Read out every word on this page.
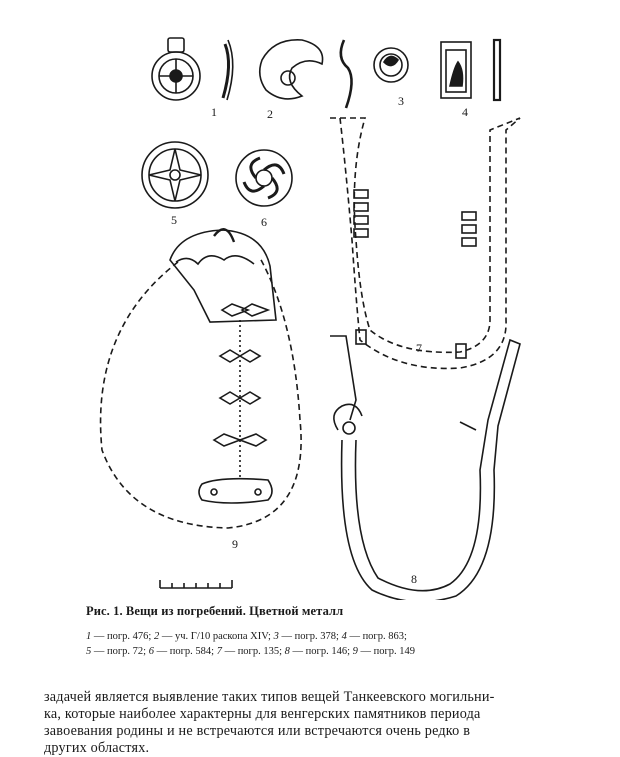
1	2
3
4
5	6
7
8
9

Рис. 1. Вещи из погребений. Цветной металл

1 — погр. 476; 2 — уч. Г/10 раскопа XIV; 3 — погр. 378; 4 — погр. 863;

5 — погр. 72; 6 — погр. 584; 7 — погр. 135; 8 — погр. 146; 9 — погр. 149

задачей является выявление таких типов вещей Танкеевского могильни-

ка, которые наиболее характерны для венгерских памятников периода

завоевания родины и не встречаются или встречаются очень редко в

других областях.
